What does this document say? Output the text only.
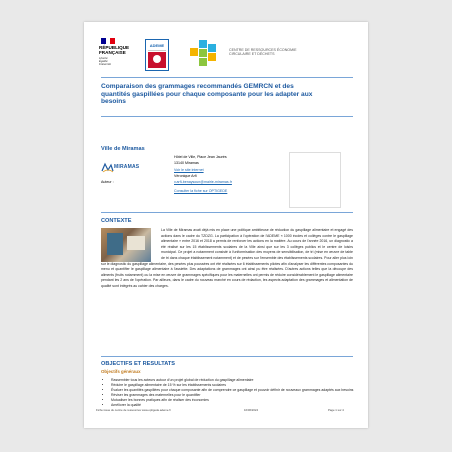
RÉPUBLIQUE
FRANÇAISE
Liberté
Égalité
Fraternité
ADEME
CENTRE DE RESSOURCES ÉCONOMIE
CIRCULAIRE ET DÉCHETS
Comparaison des grammages recommandés GEMRCN et des quantités gaspillées pour chaque composante pour les adapter aux besoins
Ville de Miramas
MIRAMAS
Auteur :
Hôtel de Ville, Place Jean Jaurès
13140 Miramas
Voir le site internet
Véronique Arfi
v.arfi-benaysoun@mairie-miramas.fr
Consulter la fiche sur OPTIGEDE
CONTEXTE
La Ville de Miramas avait déjà mis en place une politique ambitieuse de réduction du gaspillage alimentaire et engagé des actions dans le cadre du TZDZG. La participation à l'opération de l'ADEME « 1000 écoles et collèges contre le gaspillage alimentaire » entre 2016 et 2018 a permis de renforcer les actions en la matière. Au cours de l'année 2016, un diagnostic a été réalisé sur les 15 établissements scolaires de la Ville ainsi que sur les 3 collèges publics et le centre de loisirs municipal. Ce projet a notamment consisté à l'uniformisation des moyens de sensibilisation, de tri (mise en œuvre de table de tri dans chaque établissement notamment) et de pesées sur l'ensemble des établissements scolaires. Pour aller plus loin sur le diagnostic du gaspillage alimentaire, des pesées plus poussées ont été réalisées sur 6 établissements pilotes afin d'analyser les différentes composantes du menu et quantifier le gaspillage alimentaire à l'assiette. Des adaptations de grammages ont ainsi pu être réalisées. D'autres actions telles que la découpe des aliments (fruits notamment) ou la mise en œuvre de grammages spécifiques pour les maternelles ont permis de réduire considérablement le gaspillage alimentaire pendant les 2 ans de l'opération. Par ailleurs, dans le cadre du nouveau marché en cours de rédaction, les aspects adaptation des grammages et alimentation de qualité sont intégrés au cahier des charges.
OBJECTIFS ET RESULTATS
Objectifs généraux
• Rassembler tous les acteurs autour d'un projet global de réduction du gaspillage alimentaire
• Réduire le gaspillage alimentaire de 15 % sur les établissements scolaires
• Évaluer les quantités gaspillées pour chaque composante afin de comprendre ce gaspillage et pouvoir définir de nouveaux grammages adaptés aux besoins
• Réviser les grammages des maternelles pour le quantifier
• Mutualiser les bonnes pratiques afin de réaliser des économies
• Améliorer la qualité
Fiche issue du centre de ressources www.optigede.ademe.fr	16/06/2024	Page 1 sur 4
